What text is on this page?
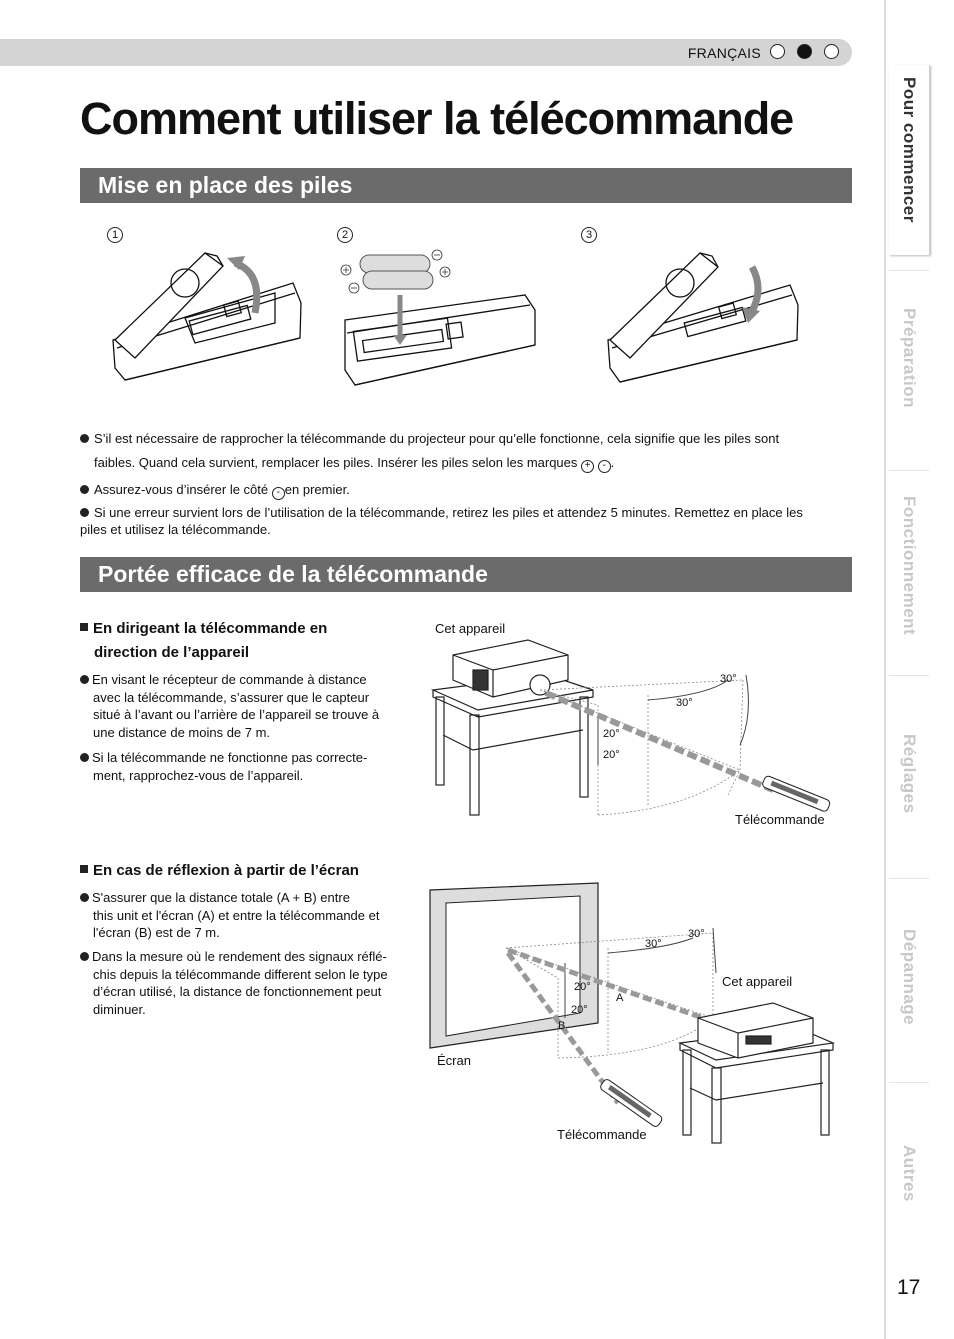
FRANÇAIS
Comment utiliser la télécommande
Mise en place des piles
1	2	3
S’il est nécessaire de rapprocher la télécommande du projecteur pour qu’elle fonctionne, cela signifie que les piles sont
faibles. Quand cela survient, remplacer les piles. Insérer les piles selon les marques + - .
Assurez-vous d’insérer le côté - en premier.
Si une erreur survient lors de l’utilisation de la télécommande, retirez les piles et attendez 5 minutes. Remettez en place les
piles et utilisez la télécommande.
Portée efficace de la télécommande
En dirigeant la télécommande en
direction de l’appareil
En visant le récepteur de commande à distance
avec la télécommande, s’assurer que le capteur
situé à l’avant ou l’arrière de l’appareil se trouve à
une distance de moins de 7 m.
Si la télécommande ne fonctionne pas correcte-
ment, rapprochez-vous de l’appareil.
Cet appareil
Télécommande
30°
30°
20°
20°
En cas de réflexion à partir de l’écran
S'assurer que la distance totale (A + B) entre
this unit et l'écran (A) et entre la télécommande et
l'écran (B) est de 7 m.
Dans la mesure où le rendement des signaux réflé-
chis depuis la télécommande different selon le type
d’écran utilisé, la distance de fonctionnement peut
diminuer.
Écran
Cet appareil
Télécommande
30°
30°
20°
20°
A
B
Pour commencer
Préparation
Fonctionnement
Réglages
Dépannage
Autres
17
